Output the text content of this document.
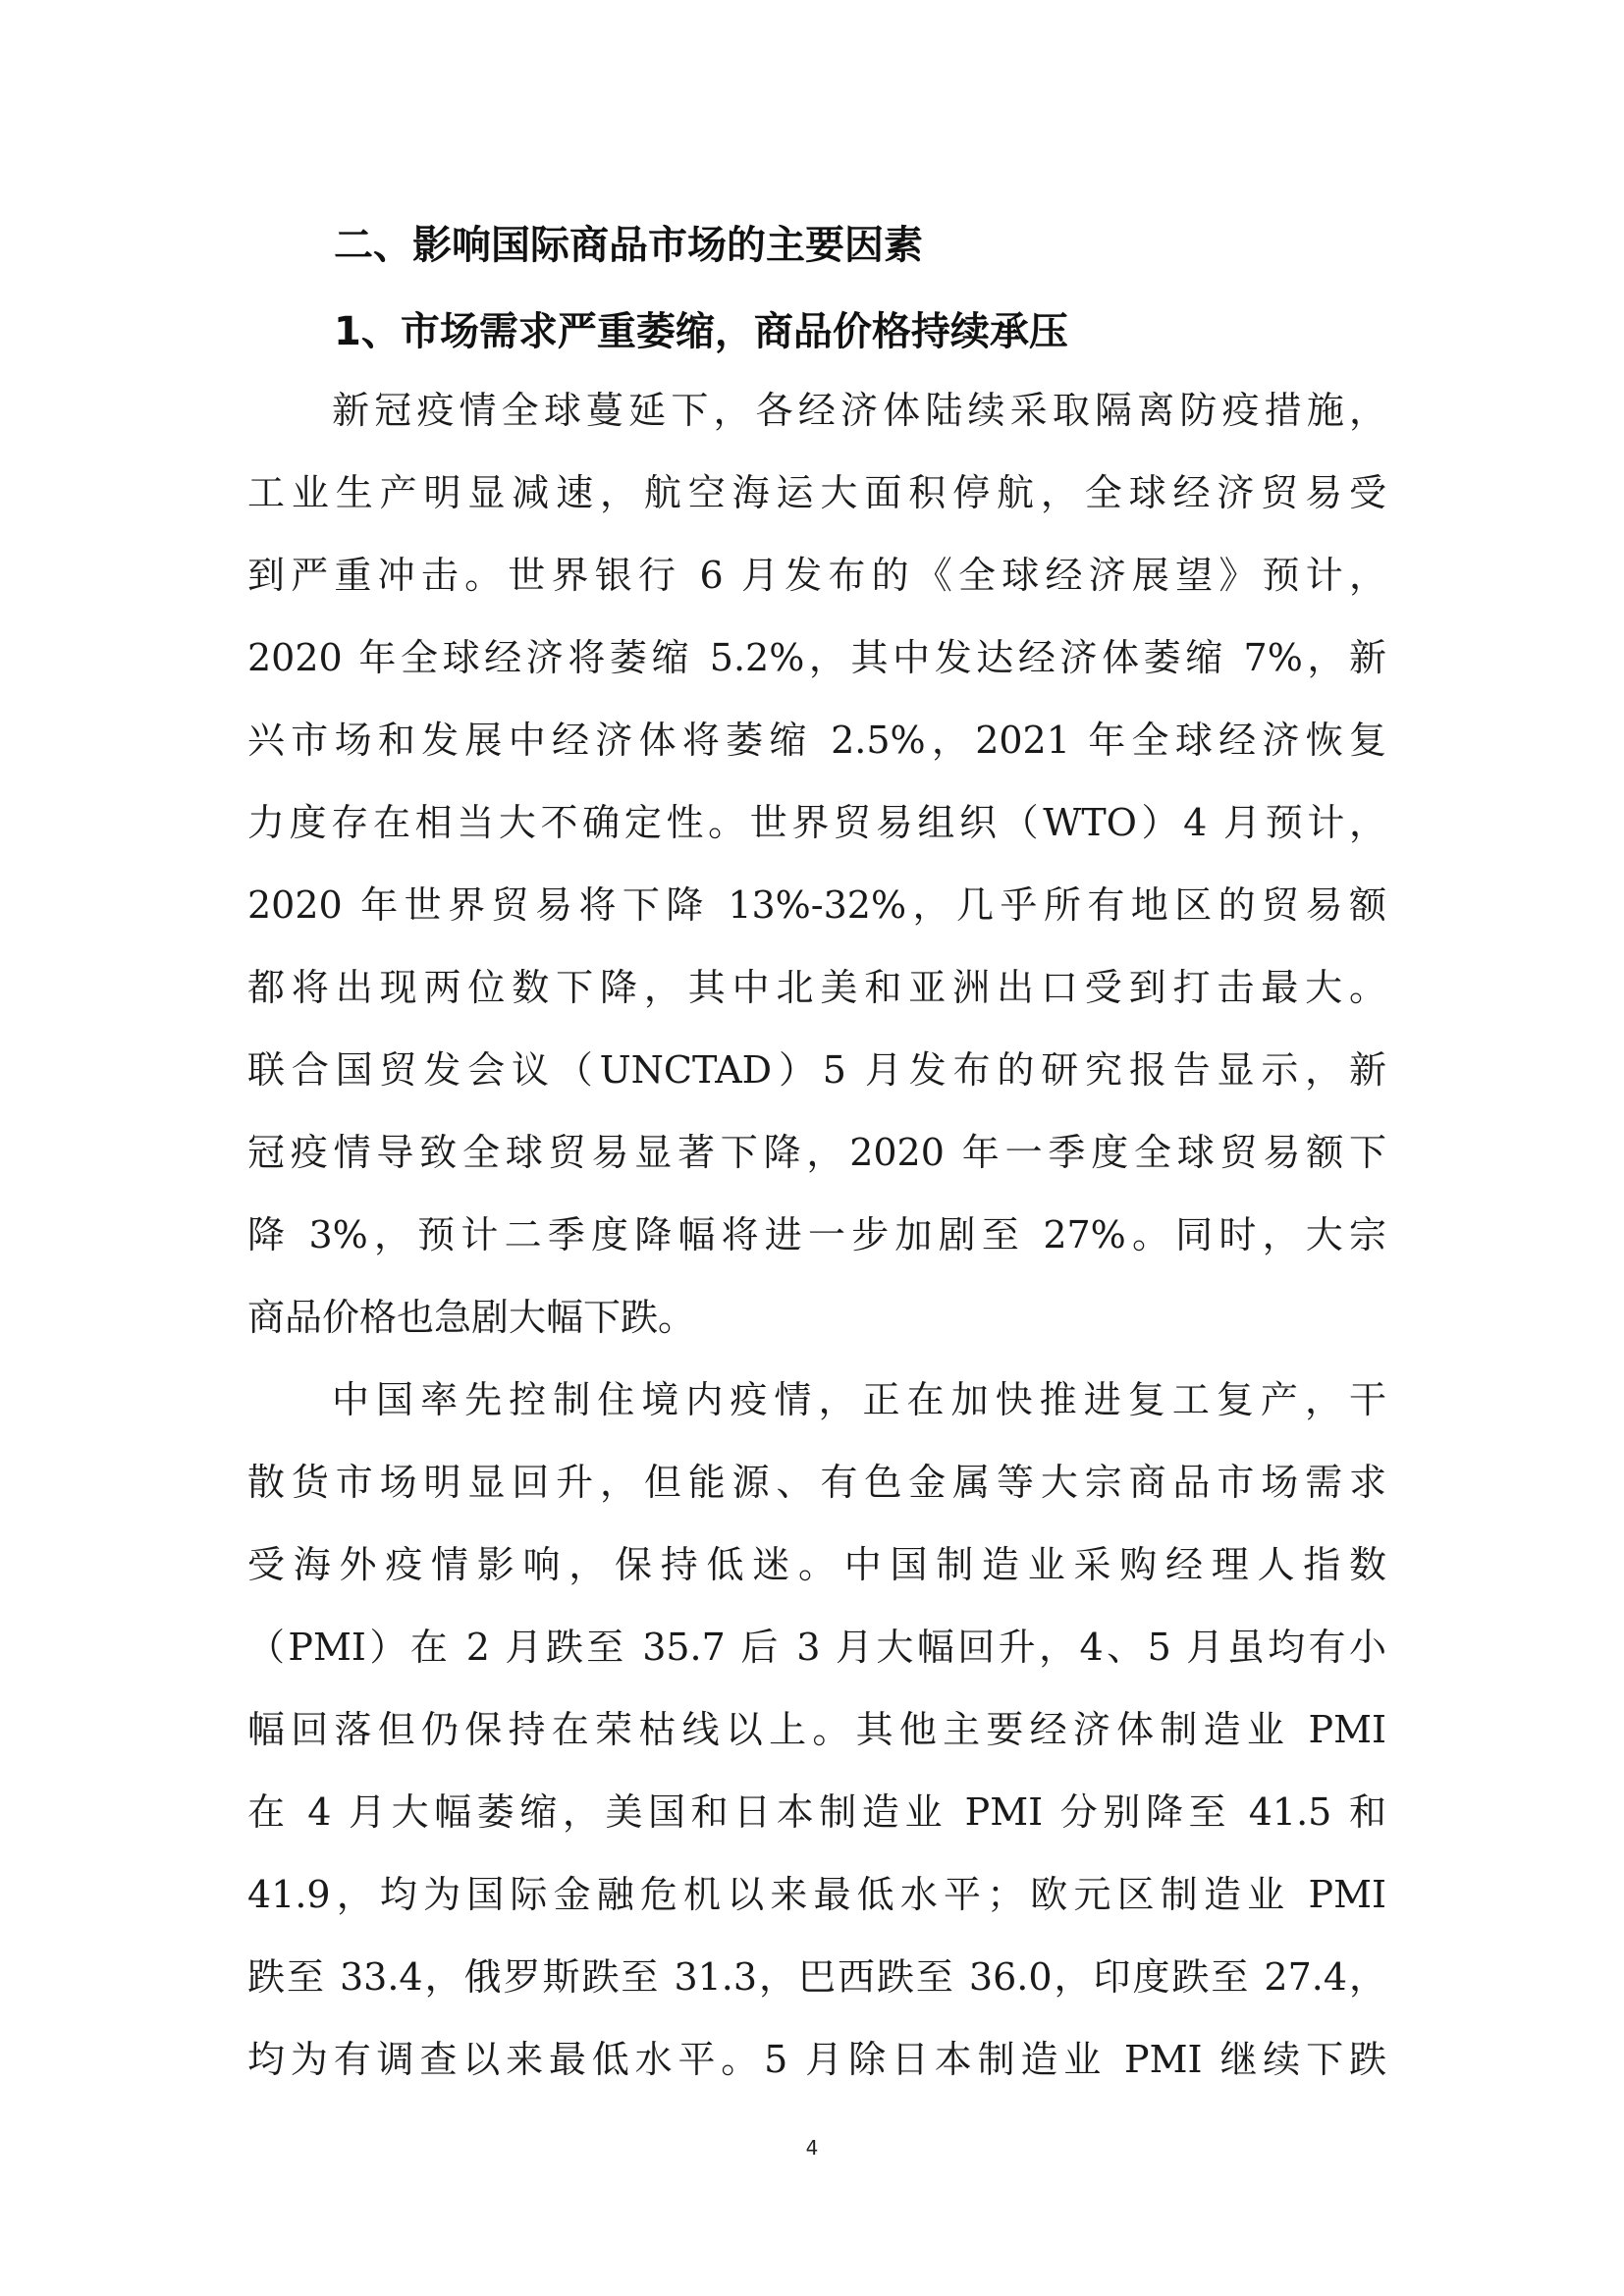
二、影响国际商品市场的主要因素
1、市场需求严重萎缩，商品价格持续承压
新冠疫情全球蔓延下，各经济体陆续采取隔离防疫措施，
工业生产明显减速，航空海运大面积停航，全球经济贸易受
到严重冲击。世界银行 6 月发布的《全球经济展望》预计，
2020 年全球经济将萎缩 5.2%，其中发达经济体萎缩 7%，新
兴市场和发展中经济体将萎缩 2.5%，2021 年全球经济恢复
力度存在相当大不确定性。世界贸易组织（WTO）4 月预计，
2020 年世界贸易将下降 13%-32%，几乎所有地区的贸易额
都将出现两位数下降，其中北美和亚洲出口受到打击最大。
联合国贸发会议（UNCTAD）5 月发布的研究报告显示，新
冠疫情导致全球贸易显著下降，2020 年一季度全球贸易额下
降 3%，预计二季度降幅将进一步加剧至 27%。同时，大宗
商品价格也急剧大幅下跌。
中国率先控制住境内疫情，正在加快推进复工复产，干
散货市场明显回升，但能源、有色金属等大宗商品市场需求
受海外疫情影响，保持低迷。中国制造业采购经理人指数
（PMI）在 2 月跌至 35.7 后 3 月大幅回升，4、5 月虽均有小
幅回落但仍保持在荣枯线以上。其他主要经济体制造业 PMI
在 4 月大幅萎缩，美国和日本制造业 PMI 分别降至 41.5 和
41.9，均为国际金融危机以来最低水平；欧元区制造业 PMI
跌至 33.4，俄罗斯跌至 31.3，巴西跌至 36.0，印度跌至 27.4，
均为有调查以来最低水平。5 月除日本制造业 PMI 继续下跌
4
